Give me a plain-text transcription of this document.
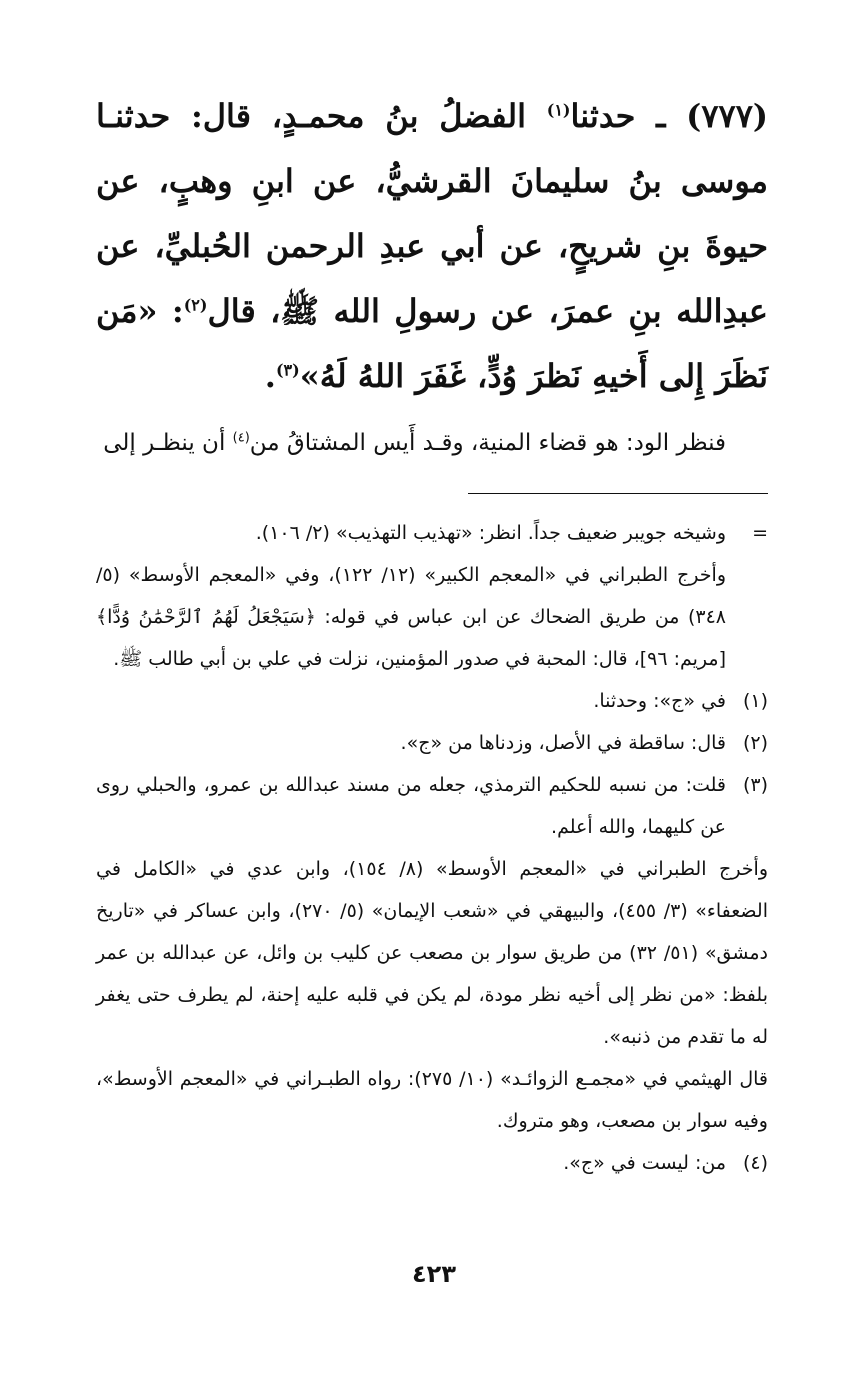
(٧٧٧) ـ حدثنا$^{(١)}$ الفضلُ بنُ محمـدٍ، قال: حدثنـا موسى بنُ سليمانَ القرشيُّ، عن ابنِ وهبٍ، عن حيوةَ بنِ شريحٍ، عن أبي عبدِ الرحمن الحُبليِّ، عن عبدِالله بنِ عمرَ، عن رسولِ الله ﷺ، قال$^{(٢)}$: «مَن نَظَرَ إِلى أَخيهِ نَظرَ وُدٍّ، غَفَرَ اللهُ لَهُ»$^{(٣)}$.

فنظر الود: هو قضاء المنية، وقـد أَيس المشتاقُ من$^{(٤)}$ أن ينظـر إلى
=

وشيخه جويبر ضعيف جداً. انظر: «تهذيب التهذيب» (٢/ ١٠٦).

وأخرج الطبراني في «المعجم الكبير» (١٢/ ١٢٢)، وفي «المعجم الأوسط» (٥/ ٣٤٨) من طريق الضحاك عن ابن عباس في قوله: ﴿سَيَجْعَلُ لَهُمُ ٱلرَّحْمَٰنُ وُدًّا﴾[مريم: ٩٦]، قال: المحبة في صدور المؤمنين، نزلت في علي بن أبي طالب ﷺ.

(١)

في «ج»: وحدثنا.

(٢)

قال: ساقطة في الأصل، وزدناها من «ج».

(٣)

قلت: من نسبه للحكيم الترمذي، جعله من مسند عبدالله بن عمرو، والحبلي روى عن كليهما، والله أعلم.

وأخرج الطبراني في «المعجم الأوسط» (٨/ ١٥٤)، وابن عدي في «الكامل في الضعفاء» (٣/ ٤٥٥)، والبيهقي في «شعب الإيمان» (٥/ ٢٧٠)، وابن عساكر في «تاريخ دمشق» (٥١/ ٣٢) من طريق سوار بن مصعب عن كليب بن وائل، عن عبدالله بن عمر بلفظ: «من نظر إلى أخيه نظر مودة، لم يكن في قلبه عليه إحنة، لم يطرف حتى يغفر له ما تقدم من ذنبه».

قال الهيثمي في «مجمـع الزوائـد» (١٠/ ٢٧٥): رواه الطبـراني في «المعجم الأوسط»، وفيه سوار بن مصعب، وهو متروك.

(٤)

من: ليست في «ج».

٤٢٣
